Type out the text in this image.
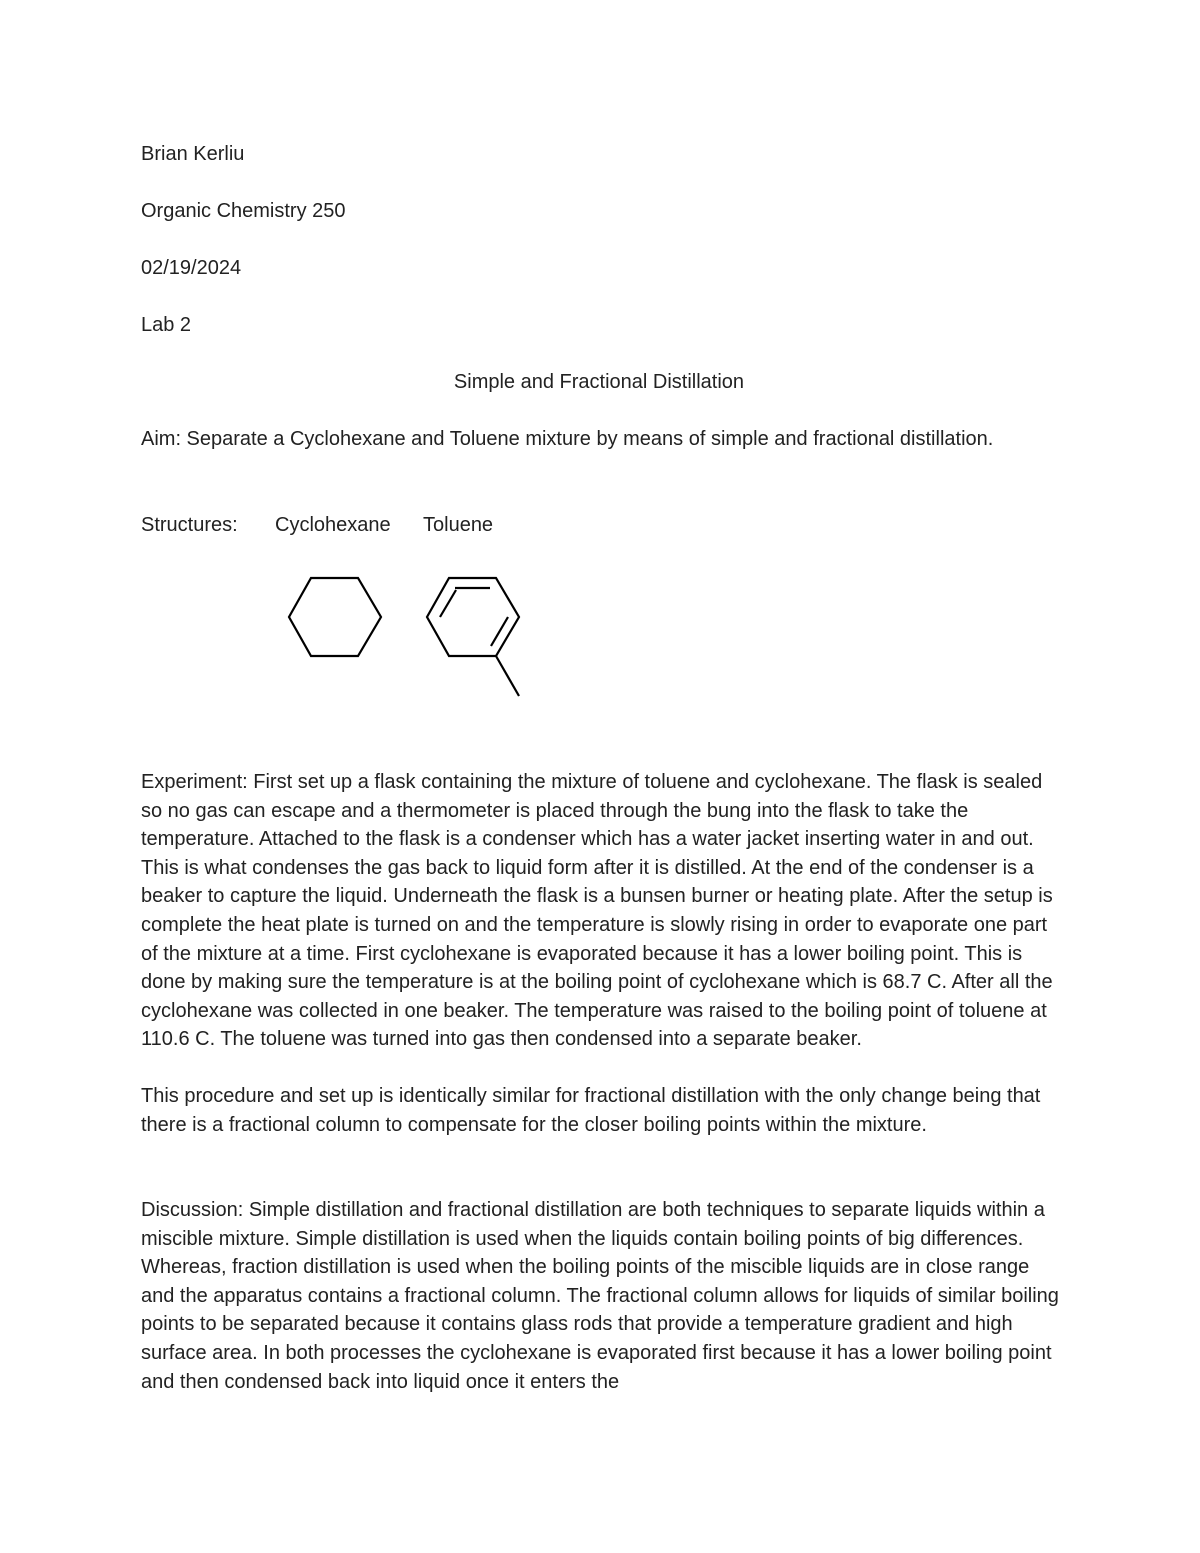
Brian Kerliu
Organic Chemistry 250
02/19/2024
Lab 2
Simple and Fractional Distillation
Aim: Separate a Cyclohexane and Toluene mixture by means of simple and fractional distillation.
Structures: Cyclohexane Toluene
Experiment: First set up a flask containing the mixture of toluene and cyclohexane. The flask is sealed so no gas can escape and a thermometer is placed through the bung into the flask to take the temperature. Attached to the flask is a condenser which has a water jacket inserting water in and out. This is what condenses the gas back to liquid form after it is distilled. At the end of the condenser is a beaker to capture the liquid. Underneath the flask is a bunsen burner or heating plate. After the setup is complete the heat plate is turned on and the temperature is slowly rising in order to evaporate one part of the mixture at a time. First cyclohexane is evaporated because it has a lower boiling point. This is done by making sure the temperature is at the boiling point of cyclohexane which is 68.7 C. After all the cyclohexane was collected in one beaker. The temperature was raised to the boiling point of toluene at 110.6 C. The toluene was turned into gas then condensed into a separate beaker.
This procedure and set up is identically similar for fractional distillation with the only change being that there is a fractional column to compensate for the closer boiling points within the mixture.
Discussion: Simple distillation and fractional distillation are both techniques to separate liquids within a miscible mixture. Simple distillation is used when the liquids contain boiling points of big differences. Whereas, fraction distillation is used when the boiling points of the miscible liquids are in close range and the apparatus contains a fractional column. The fractional column allows for liquids of similar boiling points to be separated because it contains glass rods that provide a temperature gradient and high surface area. In both processes the cyclohexane is evaporated first because it has a lower boiling point and then condensed back into liquid once it enters the
